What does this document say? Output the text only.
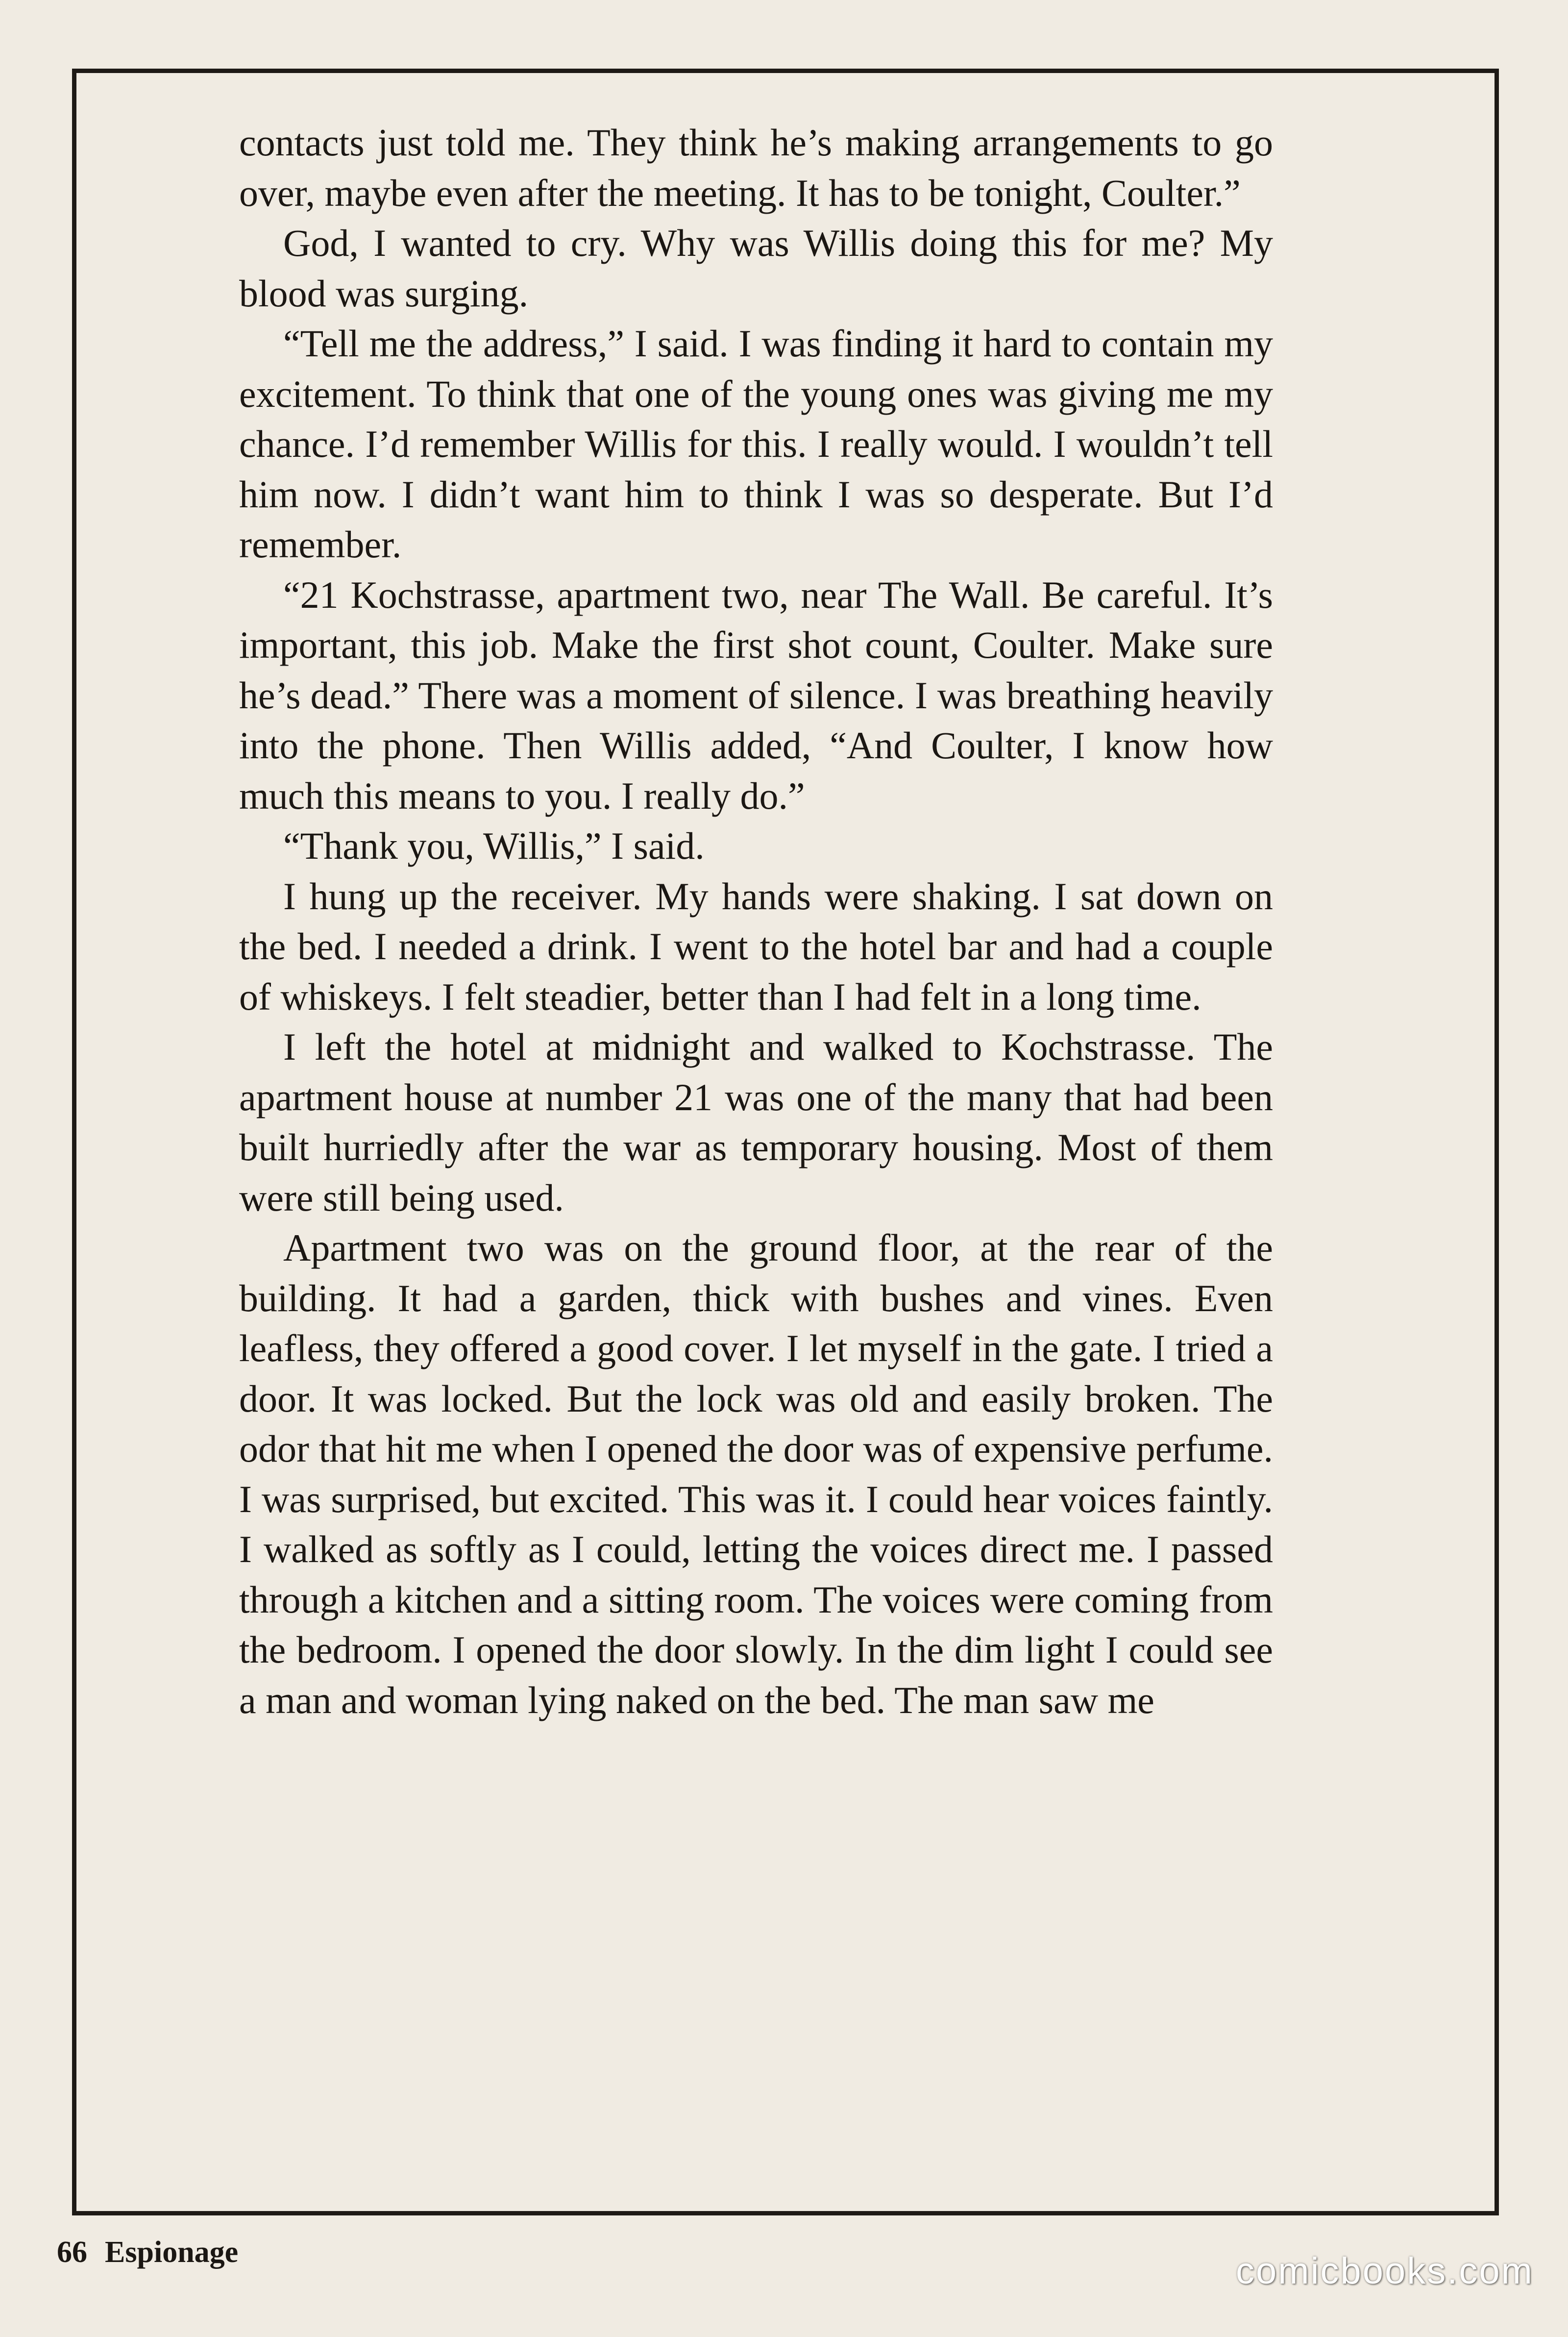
contacts just told me. They think he’s making arrangements to go over, maybe even after the meeting. It has to be tonight, Coulter.”

God, I wanted to cry. Why was Willis doing this for me? My blood was surging.

“Tell me the address,” I said. I was finding it hard to contain my excitement. To think that one of the young ones was giving me my chance. I’d remember Willis for this. I really would. I wouldn’t tell him now. I didn’t want him to think I was so desperate. But I’d remember.

“21 Kochstrasse, apartment two, near The Wall. Be careful. It’s important, this job. Make the first shot count, Coulter. Make sure he’s dead.” There was a moment of silence. I was breathing heavily into the phone. Then Willis added, “And Coulter, I know how much this means to you. I really do.”

“Thank you, Willis,” I said.

I hung up the receiver. My hands were shaking. I sat down on the bed. I needed a drink. I went to the hotel bar and had a couple of whiskeys. I felt steadier, better than I had felt in a long time.

I left the hotel at midnight and walked to Kochstrasse. The apartment house at number 21 was one of the many that had been built hurriedly after the war as temporary housing. Most of them were still being used.

Apartment two was on the ground floor, at the rear of the building. It had a garden, thick with bushes and vines. Even leafless, they offered a good cover. I let myself in the gate. I tried a door. It was locked. But the lock was old and easily broken. The odor that hit me when I opened the door was of expensive perfume. I was surprised, but excited. This was it. I could hear voices faintly. I walked as softly as I could, letting the voices direct me. I passed through a kitchen and a sitting room. The voices were coming from the bedroom. I opened the door slowly. In the dim light I could see a man and woman lying naked on the bed. The man saw me

66 Espionage	comicbooks.com
